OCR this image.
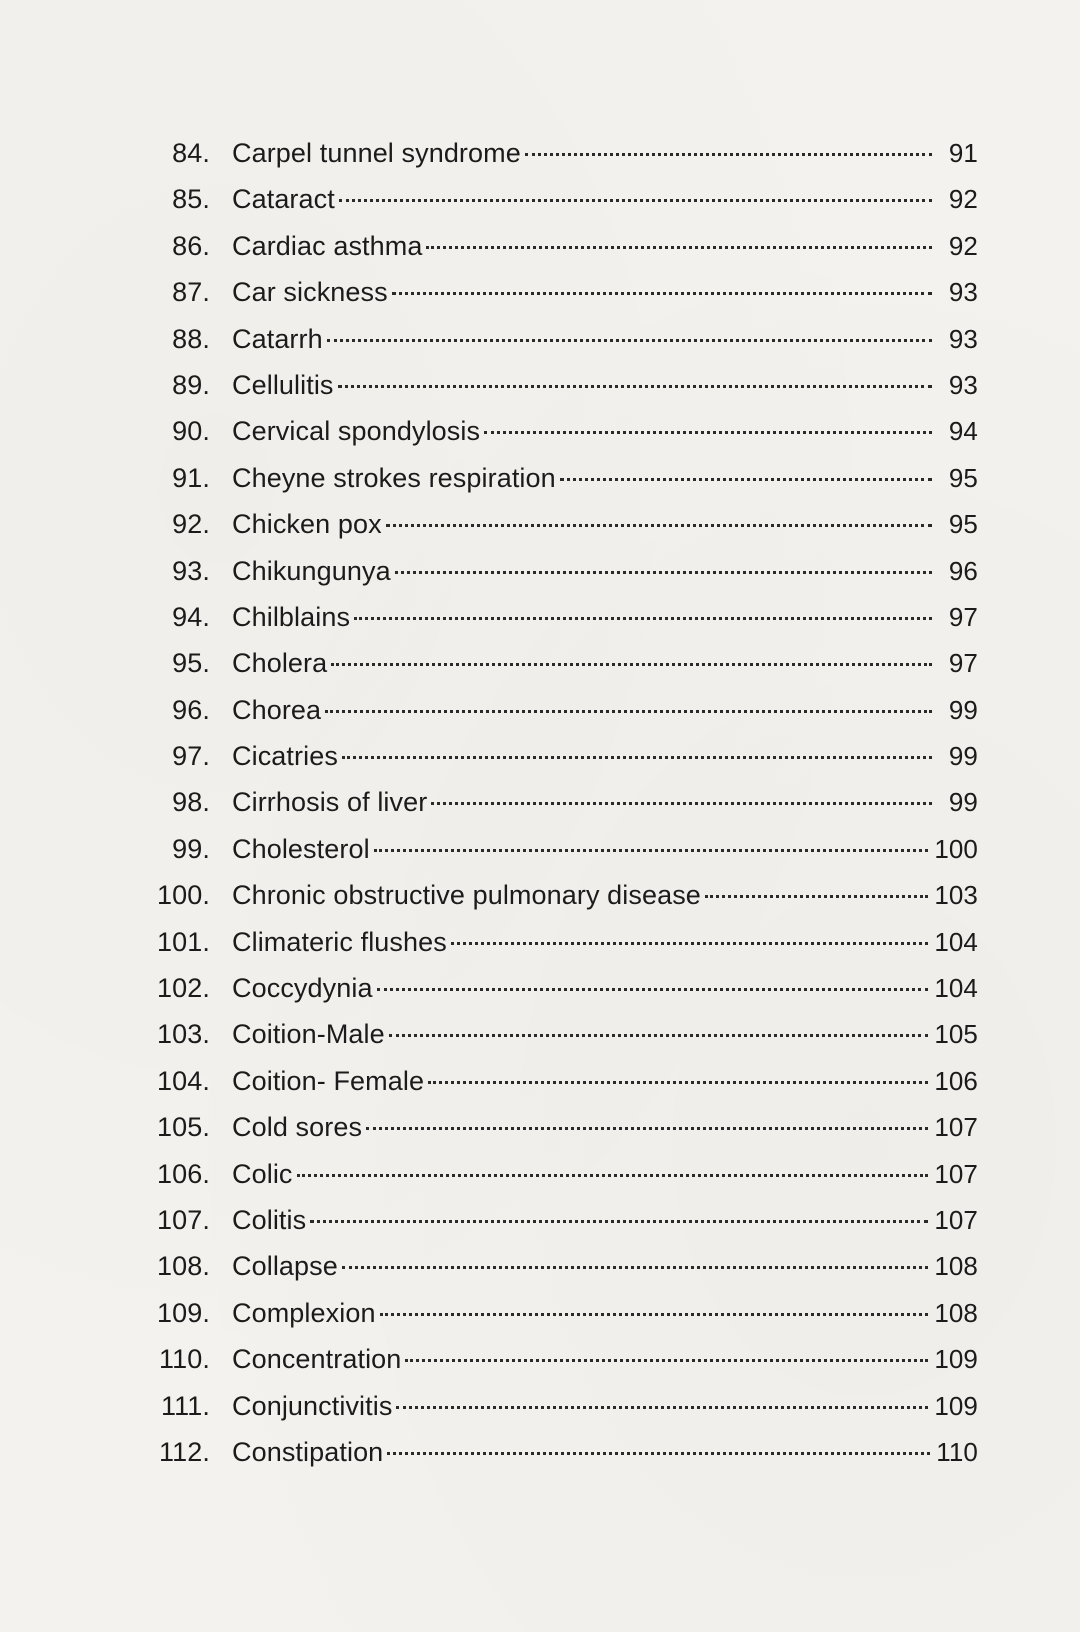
84. Carpel tunnel syndrome	91
85. Cataract	92
86. Cardiac asthma	92
87. Car sickness	93
88. Catarrh	93
89. Cellulitis	93
90. Cervical spondylosis	94
91. Cheyne strokes respiration	95
92. Chicken pox	95
93. Chikungunya	96
94. Chilblains	97
95. Cholera	97
96. Chorea	99
97. Cicatries	99
98. Cirrhosis of liver	99
99. Cholesterol	100
100. Chronic obstructive pulmonary disease	103
101. Climateric flushes	104
102. Coccydynia	104
103. Coition-Male	105
104. Coition- Female	106
105. Cold sores	107
106. Colic	107
107. Colitis	107
108. Collapse	108
109. Complexion	108
110. Concentration	109
111. Conjunctivitis	109
112. Constipation	110
